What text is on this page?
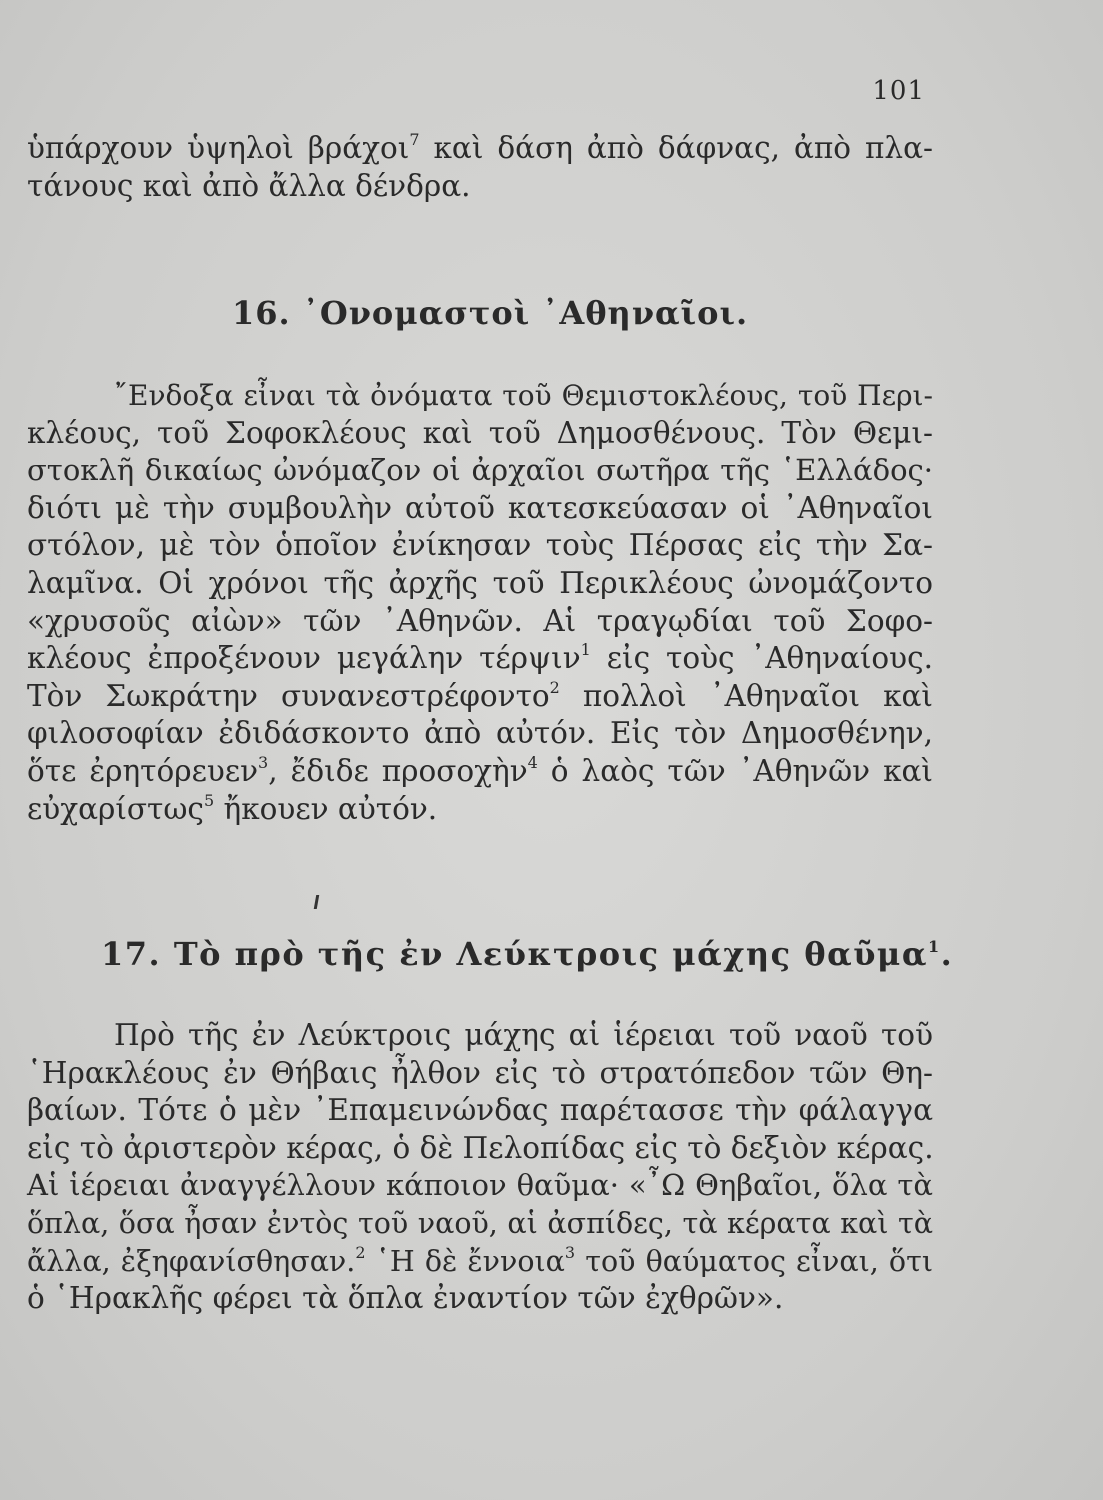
101
ὑπάρχουν ὑψηλοὶ βράχοι$^7$ καὶ δάση ἀπὸ δάφνας, ἀπὸ πλα-
τάνους καὶ ἀπὸ ἄλλα δένδρα.
16. ᾿Ονομαστοὶ ᾿Αθηναῖοι.
῎Ενδοξα εἶναι τὰ ὀνόματα τοῦ Θεμιστοκλέους, τοῦ Περι-
κλέους, τοῦ Σοφοκλέους καὶ τοῦ Δημοσθένους. Τὸν Θεμι-
στοκλῆ δικαίως ὠνόμαζον οἱ ἀρχαῖοι σωτῆρα τῆς ῾Ελλάδος·
διότι μὲ τὴν συμβουλὴν αὐτοῦ κατεσκεύασαν οἱ ᾿Αθηναῖοι
στόλον, μὲ τὸν ὁποῖον ἐνίκησαν τοὺς Πέρσας εἰς τὴν Σα-
λαμῖνα. Οἱ χρόνοι τῆς ἀρχῆς τοῦ Περικλέους ὠνομάζοντο
«χρυσοῦς αἰὼν» τῶν ᾿Αθηνῶν. Αἱ τραγῳδίαι τοῦ Σοφο-
κλέους ἐπροξένουν μεγάλην τέρψιν$^1$ εἰς τοὺς ᾿Αθηναίους.
Τὸν Σωκράτην συνανεστρέφοντο$^2$ πολλοὶ ᾿Αθηναῖοι καὶ
φιλοσοφίαν ἐδιδάσκοντο ἀπὸ αὐτόν. Εἰς τὸν Δημοσθένην,
ὅτε ἐρητόρευεν$^3$, ἔδιδε προσοχὴν$^4$ ὁ λαὸς τῶν ᾿Αθηνῶν καὶ
εὐχαρίστως$^5$ ἤκουεν αὐτόν.
17. Τὸ πρὸ τῆς ἐν Λεύκτροις μάχης θαῦμα$^1$.
Πρὸ τῆς ἐν Λεύκτροις μάχης αἱ ἱέρειαι τοῦ ναοῦ τοῦ
῾Ηρακλέους ἐν Θήβαις ἦλθον εἰς τὸ στρατόπεδον τῶν Θη-
βαίων. Τότε ὁ μὲν ᾿Επαμεινώνδας παρέτασσε τὴν φάλαγγα
εἰς τὸ ἀριστερὸν κέρας, ὁ δὲ Πελοπίδας εἰς τὸ δεξιὸν κέρας.
Αἱ ἱέρειαι ἀναγγέλλουν κάποιον θαῦμα· «῏Ω Θηβαῖοι, ὅλα τὰ
ὅπλα, ὅσα ἦσαν ἐντὸς τοῦ ναοῦ, αἱ ἀσπίδες, τὰ κέρατα καὶ τὰ
ἄλλα, ἐξηφανίσθησαν.$^2$ ῾Η δὲ ἔννοια$^3$ τοῦ θαύματος εἶναι, ὅτι
ὁ ῾Ηρακλῆς φέρει τὰ ὅπλα ἐναντίον τῶν ἐχθρῶν».
